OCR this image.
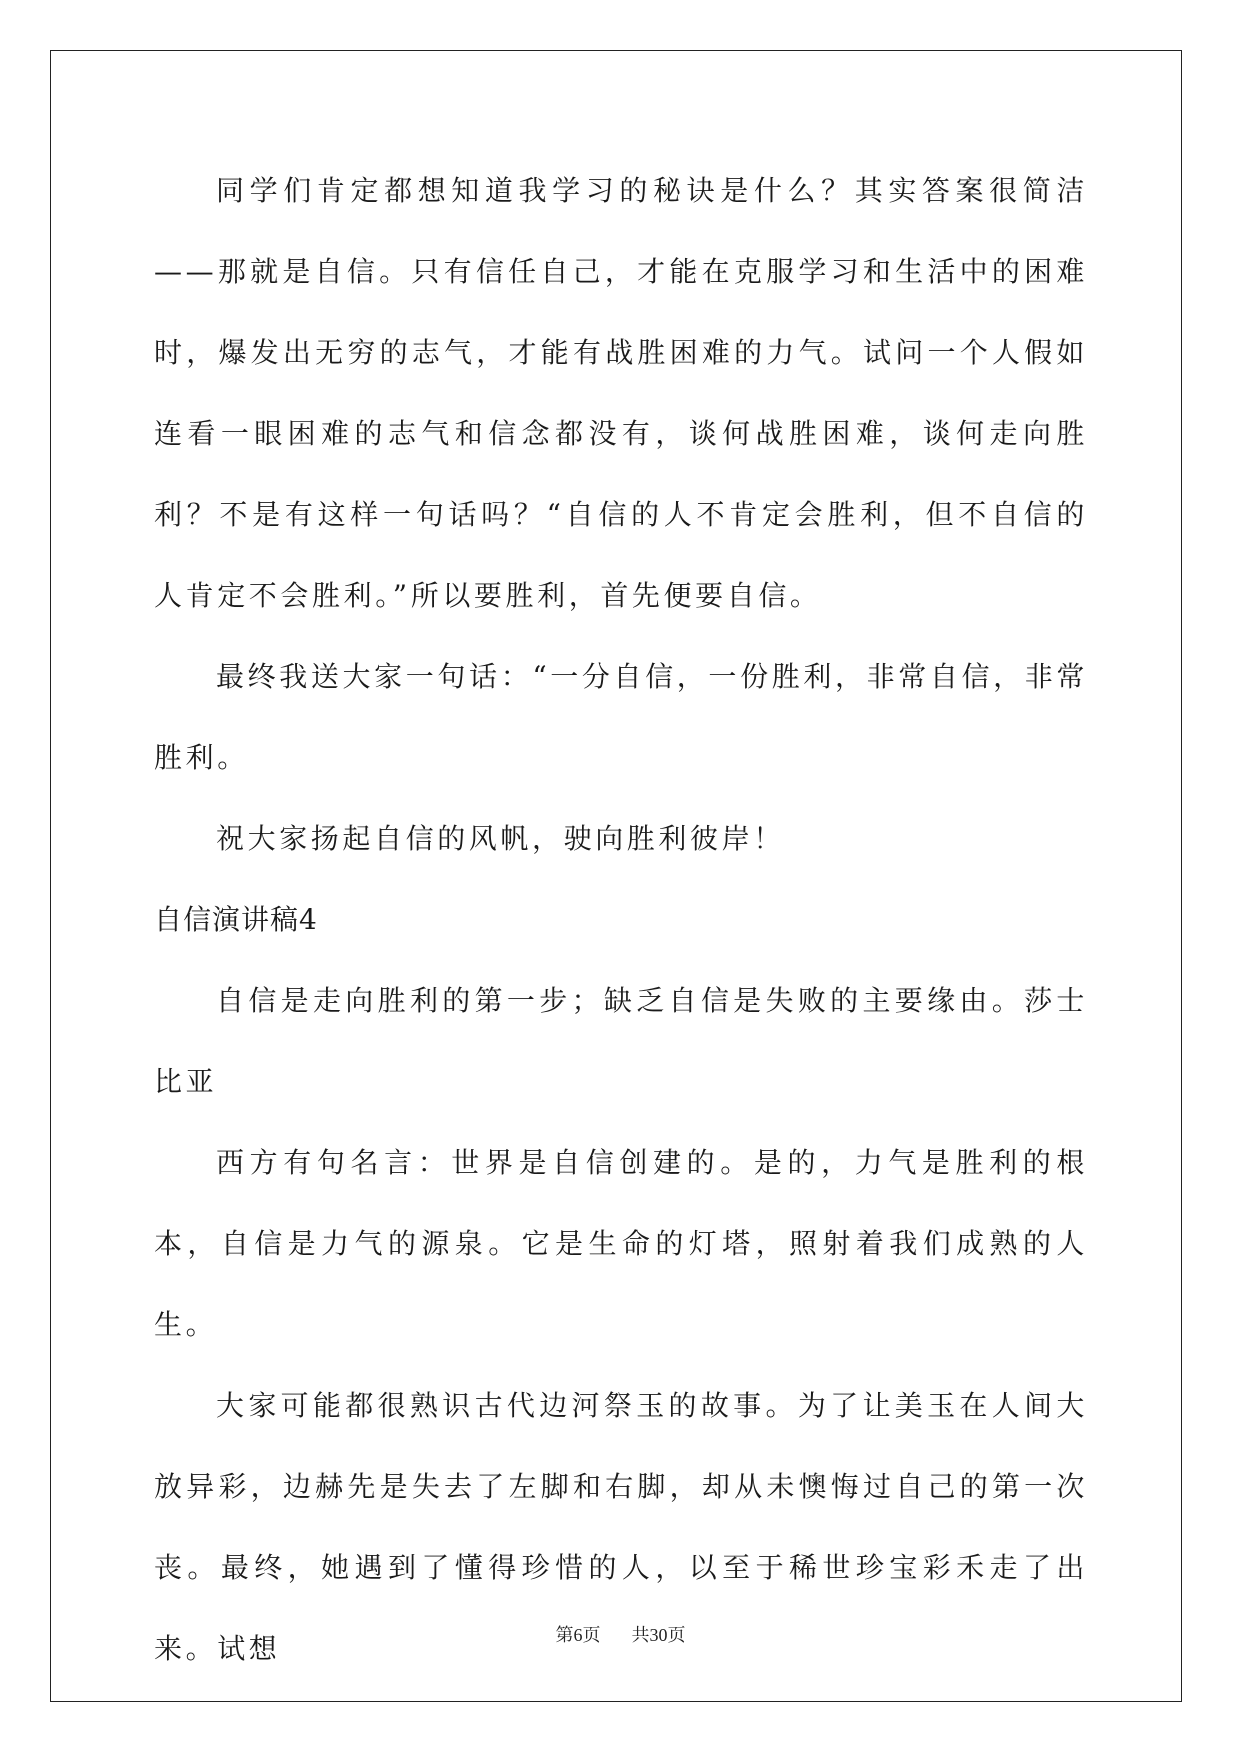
同学们肯定都想知道我学习的秘诀是什么？其实答案很简洁——那就是自信。只有信任自己，才能在克服学习和生活中的困难时，爆发出无穷的志气，才能有战胜困难的力气。试问一个人假如连看一眼困难的志气和信念都没有，谈何战胜困难，谈何走向胜利？不是有这样一句话吗？“自信的人不肯定会胜利，但不自信的人肯定不会胜利。”所以要胜利，首先便要自信。

最终我送大家一句话：“一分自信，一份胜利，非常自信，非常胜利。

祝大家扬起自信的风帆，驶向胜利彼岸！

自信演讲稿4

自信是走向胜利的第一步；缺乏自信是失败的主要缘由。莎士比亚

西方有句名言：世界是自信创建的。是的，力气是胜利的根本，自信是力气的源泉。它是生命的灯塔，照射着我们成熟的人生。

大家可能都很熟识古代边河祭玉的故事。为了让美玉在人间大放异彩，边赫先是失去了左脚和右脚，却从未懊悔过自己的第一次丧。最终，她遇到了懂得珍惜的人，以至于稀世珍宝彩禾走了出来。试想	第6页 共30页
